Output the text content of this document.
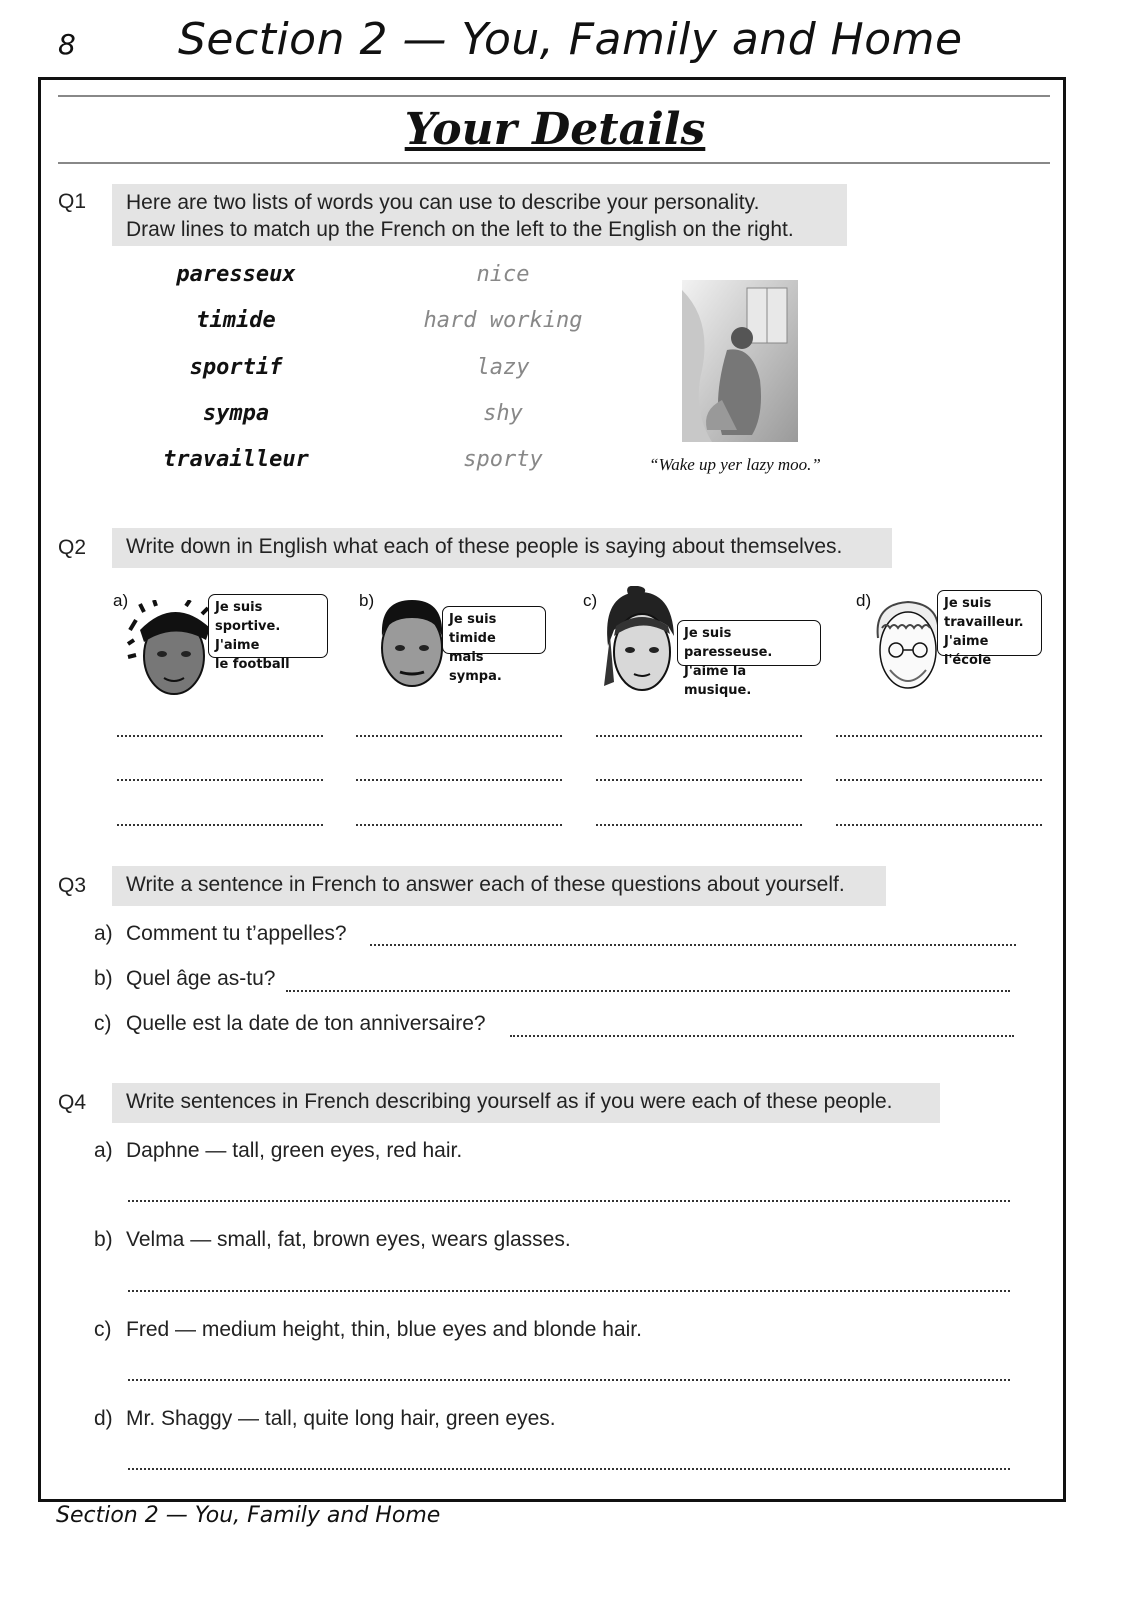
8 Section 2 — You, Family and Home
Your Details
Q1 Here are two lists of words you can use to describe your personality.
Draw lines to match up the French on the left to the English on the right.
paresseux
timide
sportif
sympa
travailleur
nice
hard working
lazy
shy
sporty	“Wake up yer lazy moo.”
Q2	Write down in English what each of these people is saying about themselves.
a)	Je suis
sportive. J'aime
le football
b)
Je suis timide
mais sympa.
c)
Je suis paresseuse.
J'aime la musique.
d)	Je suis
travailleur.
J'aime l'école
Q3	Write a sentence in French to answer each of these questions about yourself.
a) Comment tu t’appelles?
b) Quel âge as-tu?
c) Quelle est la date de ton anniversaire?
Q4	Write sentences in French describing yourself as if you were each of these people.
a) Daphne — tall, green eyes, red hair.
b) Velma — small, fat, brown eyes, wears glasses.
c) Fred — medium height, thin, blue eyes and blonde hair.
d) Mr. Shaggy — tall, quite long hair, green eyes.
Section 2 — You, Family and Home
